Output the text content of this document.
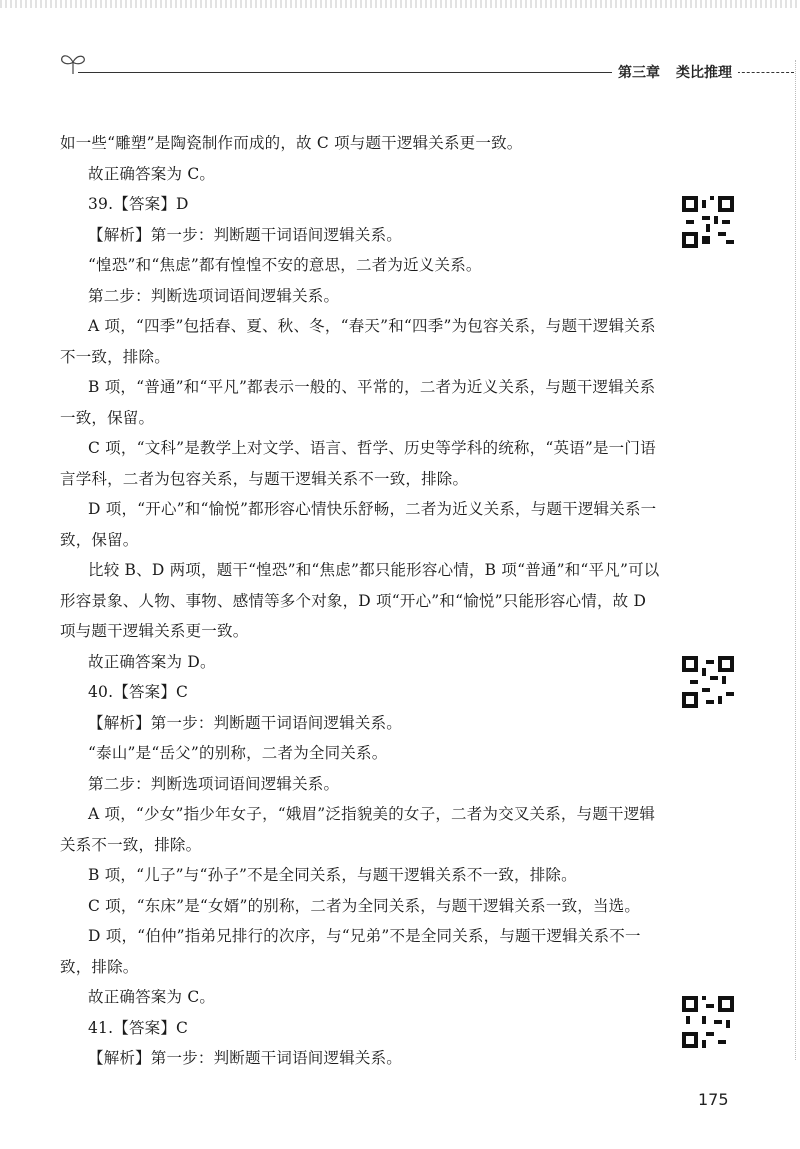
第三章 类比推理

如一些“雕塑”是陶瓷制作而成的，故 C 项与题干逻辑关系更一致。

故正确答案为 C。

39.【答案】D

【解析】第一步：判断题干词语间逻辑关系。

“惶恐”和“焦虑”都有惶惶不安的意思，二者为近义关系。

第二步：判断选项词语间逻辑关系。

A 项，“四季”包括春、夏、秋、冬，“春天”和“四季”为包容关系，与题干逻辑关系不一致，排除。

B 项，“普通”和“平凡”都表示一般的、平常的，二者为近义关系，与题干逻辑关系一致，保留。

C 项，“文科”是教学上对文学、语言、哲学、历史等学科的统称，“英语”是一门语言学科，二者为包容关系，与题干逻辑关系不一致，排除。

D 项，“开心”和“愉悦”都形容心情快乐舒畅，二者为近义关系，与题干逻辑关系一致，保留。

比较 B、D 两项，题干“惶恐”和“焦虑”都只能形容心情，B 项“普通”和“平凡”可以形容景象、人物、事物、感情等多个对象，D 项“开心”和“愉悦”只能形容心情，故 D 项与题干逻辑关系更一致。

故正确答案为 D。

40.【答案】C

【解析】第一步：判断题干词语间逻辑关系。

“泰山”是“岳父”的别称，二者为全同关系。

第二步：判断选项词语间逻辑关系。

A 项，“少女”指少年女子，“娥眉”泛指貌美的女子，二者为交叉关系，与题干逻辑关系不一致，排除。

B 项，“儿子”与“孙子”不是全同关系，与题干逻辑关系不一致，排除。

C 项，“东床”是“女婿”的别称，二者为全同关系，与题干逻辑关系一致，当选。

D 项，“伯仲”指弟兄排行的次序，与“兄弟”不是全同关系，与题干逻辑关系不一致，排除。

故正确答案为 C。

41.【答案】C

【解析】第一步：判断题干词语间逻辑关系。

175
